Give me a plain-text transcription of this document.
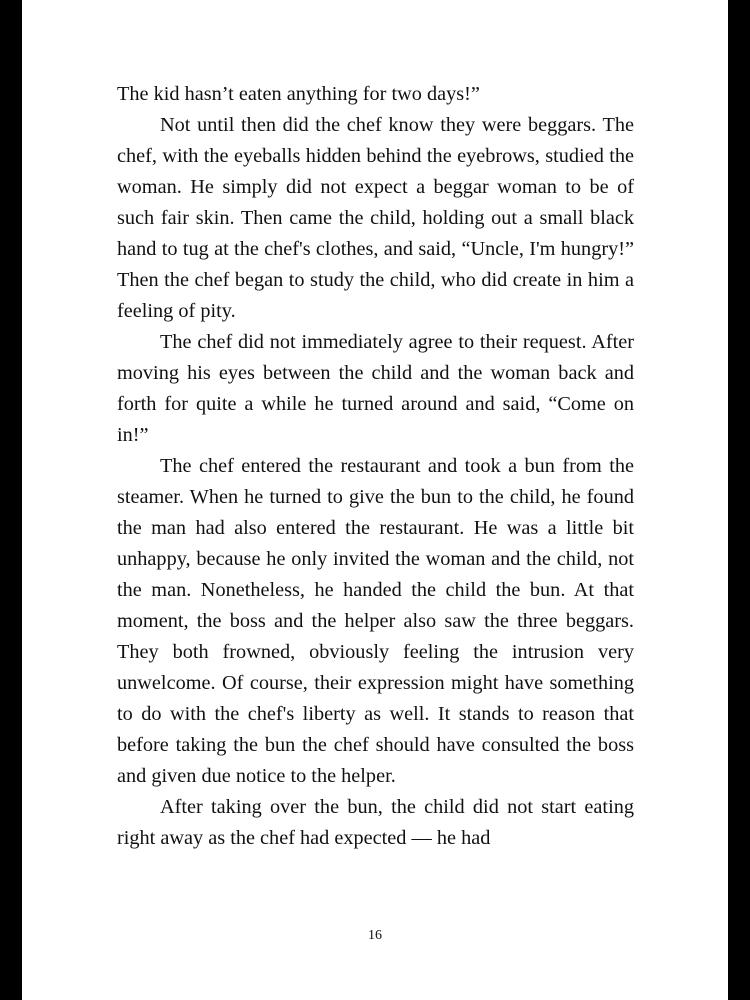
The kid hasn’t eaten anything for two days!”

Not until then did the chef know they were beggars. The chef, with the eyeballs hidden behind the eyebrows, studied the woman. He simply did not expect a beggar woman to be of such fair skin. Then came the child, holding out a small black hand to tug at the chef's clothes, and said, “Uncle, I'm hungry!” Then the chef began to study the child, who did create in him a feeling of pity.

The chef did not immediately agree to their request. After moving his eyes between the child and the woman back and forth for quite a while he turned around and said, “Come on in!”

The chef entered the restaurant and took a bun from the steamer. When he turned to give the bun to the child, he found the man had also entered the restaurant. He was a little bit unhappy, because he only invited the woman and the child, not the man. Nonetheless, he handed the child the bun. At that moment, the boss and the helper also saw the three beggars. They both frowned, obviously feeling the intrusion very unwelcome. Of course, their expression might have something to do with the chef's liberty as well. It stands to reason that before taking the bun the chef should have consulted the boss and given due notice to the helper.

After taking over the bun, the child did not start eating right away as the chef had expected — he had

16
